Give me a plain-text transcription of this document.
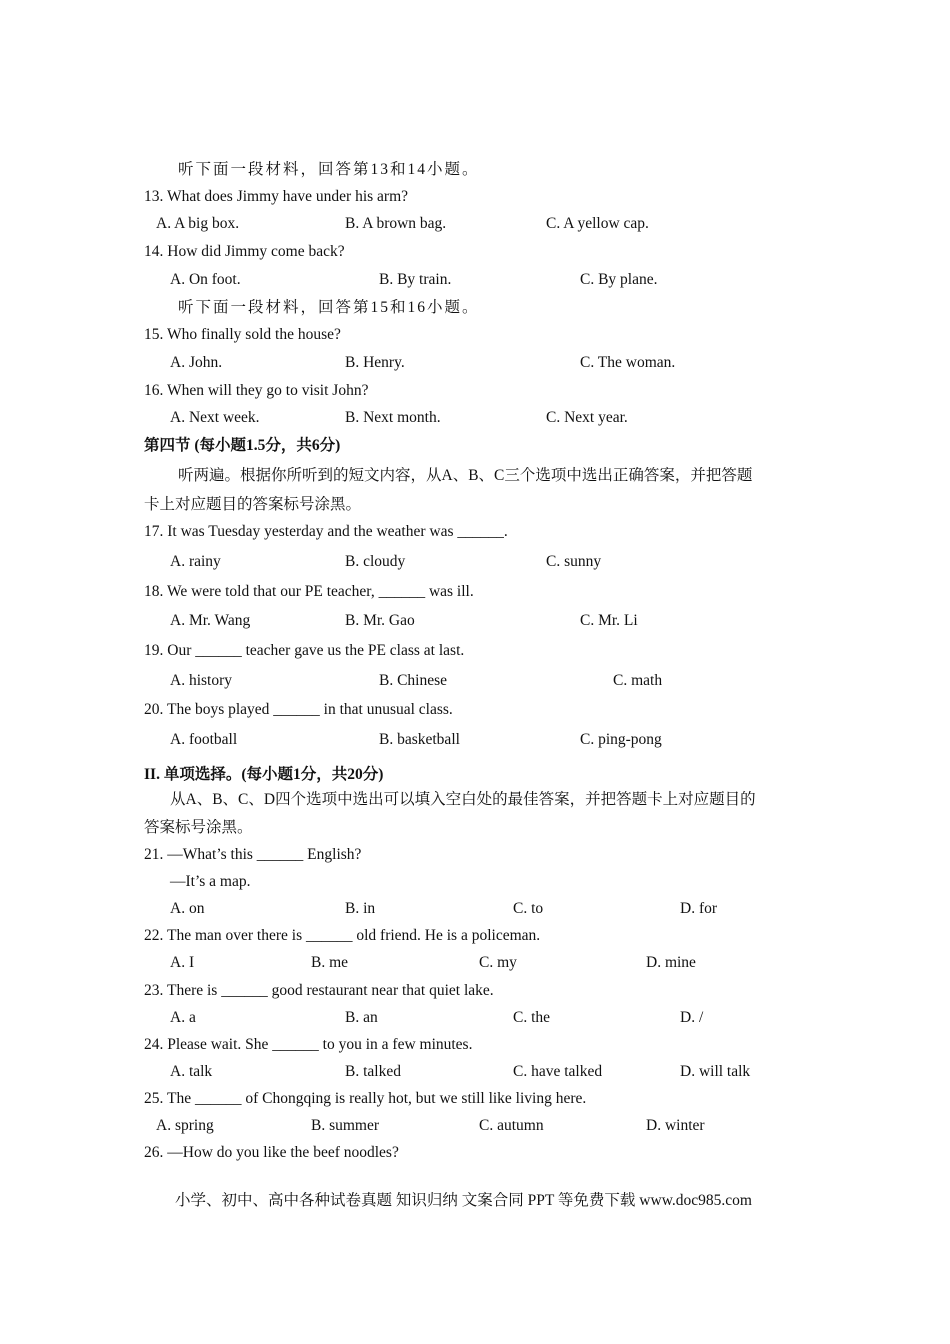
听下面一段材料，回答第13和14小题。
13. What does Jimmy have under his arm?
A. A big box.	B. A brown bag.	C. A yellow cap.
14. How did Jimmy come back?
A. On foot.	B. By train.	C. By plane.
听下面一段材料，回答第15和16小题。
15. Who finally sold the house?
A. John.	B. Henry.	C. The woman.
16. When will they go to visit John?
A. Next week.	B. Next month.	C. Next year.
第四节 (每小题1.5分，共6分)
听两遍。根据你所听到的短文内容，从A、B、C三个选项中选出正确答案，并把答题
卡上对应题目的答案标号涂黑。
17. It was Tuesday yesterday and the weather was ______.
A. rainy	B. cloudy	C. sunny
18. We were told that our PE teacher, ______ was ill.
A. Mr. Wang	B. Mr. Gao	C. Mr. Li
19. Our ______ teacher gave us the PE class at last.
A. history	B. Chinese	C. math
20. The boys played ______ in that unusual class.
A. football	B. basketball	C. ping-pong
II. 单项选择。(每小题1分，共20分)
从A、B、C、D四个选项中选出可以填入空白处的最佳答案，并把答题卡上对应题目的
答案标号涂黑。
21. —What’s this ______ English?
—It’s a map.
A. on	B. in	C. to	D. for
22. The man over there is ______ old friend. He is a policeman.
A. I	B. me	C. my	D. mine
23. There is ______ good restaurant near that quiet lake.
A. a	B. an	C. the	D. /
24. Please wait. She ______ to you in a few minutes.
A. talk	B. talked	C. have talked	D. will talk
25. The ______ of Chongqing is really hot, but we still like living here.
A. spring	B. summer	C. autumn	D. winter
26. —How do you like the beef noodles?
小学、初中、高中各种试卷真题 知识归纳 文案合同 PPT 等免费下载 www.doc985.com
